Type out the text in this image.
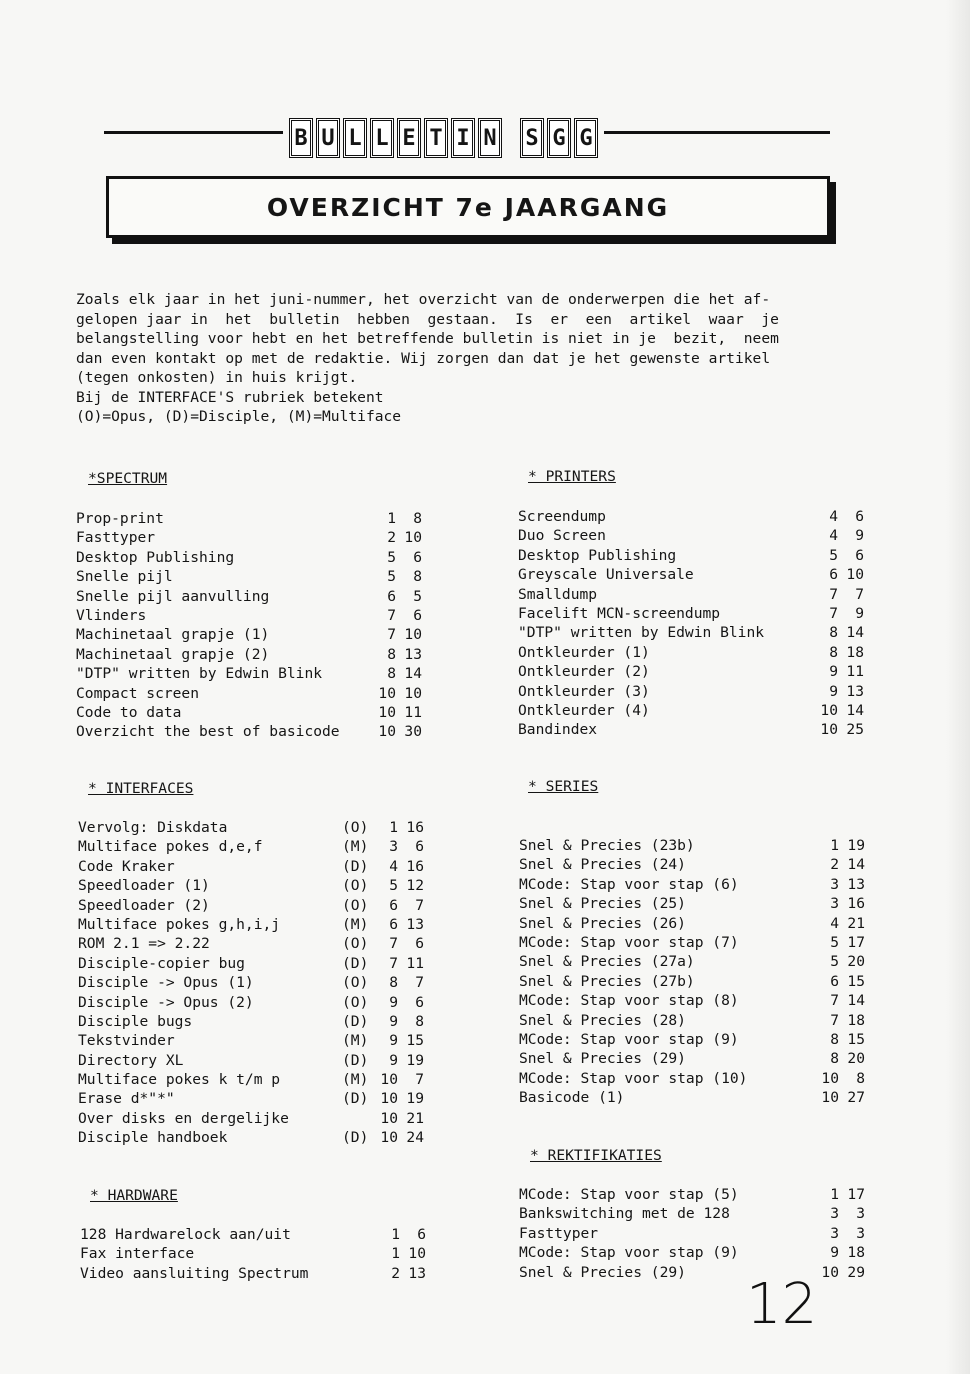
B U L L E T I N S G G
OVERZICHT 7e JAARGANG
Zoals elk jaar in het juni-nummer, het overzicht van de onderwerpen die het af-
gelopen jaar in  het  bulletin  hebben  gestaan.  Is  er  een  artikel  waar  je
belangstelling voor hebt en het betreffende bulletin is niet in je  bezit,  neem
dan even kontakt op met de redaktie. Wij zorgen dan dat je het gewenste artikel
(tegen onkosten) in huis krijgt.
Bij de INTERFACE'S rubriek betekent
(O)=Opus, (D)=Disciple, (M)=Multiface
*SPECTRUM
Prop-print	1	8
Fasttyper	2 10
Desktop Publishing	5	6
Snelle pijl	5	8
Snelle pijl aanvulling	6	5
Vlinders	7	6
Machinetaal grapje (1)	7 10
Machinetaal grapje (2)	8 13
"DTP" written by Edwin Blink	8 14
Compact screen	10 10
Code to data	10 11
Overzicht the best of basicode	10 30
* PRINTERS
Screendump	4	6
Duo Screen	4	9
Desktop Publishing	5	6
Greyscale Universale	6 10
Smalldump	7	7
Facelift MCN-screendump	7	9
"DTP" written by Edwin Blink	8 14
Ontkleurder (1)	8 18
Ontkleurder (2)	9 11
Ontkleurder (3)	9 13
Ontkleurder (4)	10 14
Bandindex	10 25
* INTERFACES
Vervolg: Diskdata	(O)	1 16
Multiface pokes d,e,f	(M)	3	6
Code Kraker	(D)	4 16
Speedloader (1)	(O)	5 12
Speedloader (2)	(O)	6	7
Multiface pokes g,h,i,j	(M)	6 13
ROM 2.1 => 2.22	(O)	7	6
Disciple-copier bug	(D)	7 11
Disciple -> Opus (1)	(O)	8	7
Disciple -> Opus (2)	(O)	9	6
Disciple bugs	(D)	9	8
Tekstvinder	(M)	9 15
Directory XL	(D)	9 19
Multiface pokes k t/m p	(M) 10	7
Erase d*"*"	(D) 10 19
Over disks en dergelijke	10 21
Disciple handboek	(D) 10 24
* SERIES
Snel & Precies (23b)	1 19
Snel & Precies (24)	2 14
MCode: Stap voor stap (6)	3 13
Snel & Precies (25)	3 16
Snel & Precies (26)	4 21
MCode: Stap voor stap (7)	5 17
Snel & Precies (27a)	5 20
Snel & Precies (27b)	6 15
MCode: Stap voor stap (8)	7 14
Snel & Precies (28)	7 18
MCode: Stap voor stap (9)	8 15
Snel & Precies (29)	8 20
MCode: Stap voor stap (10)	10	8
Basicode (1)	10 27
* HARDWARE
128 Hardwarelock aan/uit	1	6
Fax interface	1 10
Video aansluiting Spectrum	2 13
* REKTIFIKATIES
MCode: Stap voor stap (5)	1 17
Bankswitching met de 128	3	3
Fasttyper	3	3
MCode: Stap voor stap (9)	9 18
Snel & Precies (29)	10 29
12
